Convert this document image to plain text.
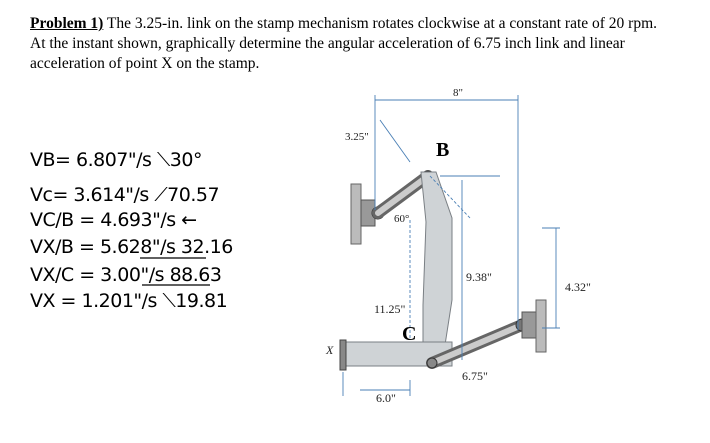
Problem 1) The 3.25-in. link on the stamp mechanism rotates clockwise at a constant rate of 20 rpm. At the instant shown, graphically determine the angular acceleration of 6.75 inch link and linear acceleration of point X on the stamp.
VB= 6.807"/s ⟍30°
Vc= 3.614"/s ⟋70.57
VC/B = 4.693"/s ←
VX/B = 5.628"/s 32.16
VX/C = 3.00"/s 88.63
VX = 1.201"/s ⟍19.81
8"
3.25"
B
60°
9.38"
4.32"
11.25"
C
X
6.75"
6.0"
